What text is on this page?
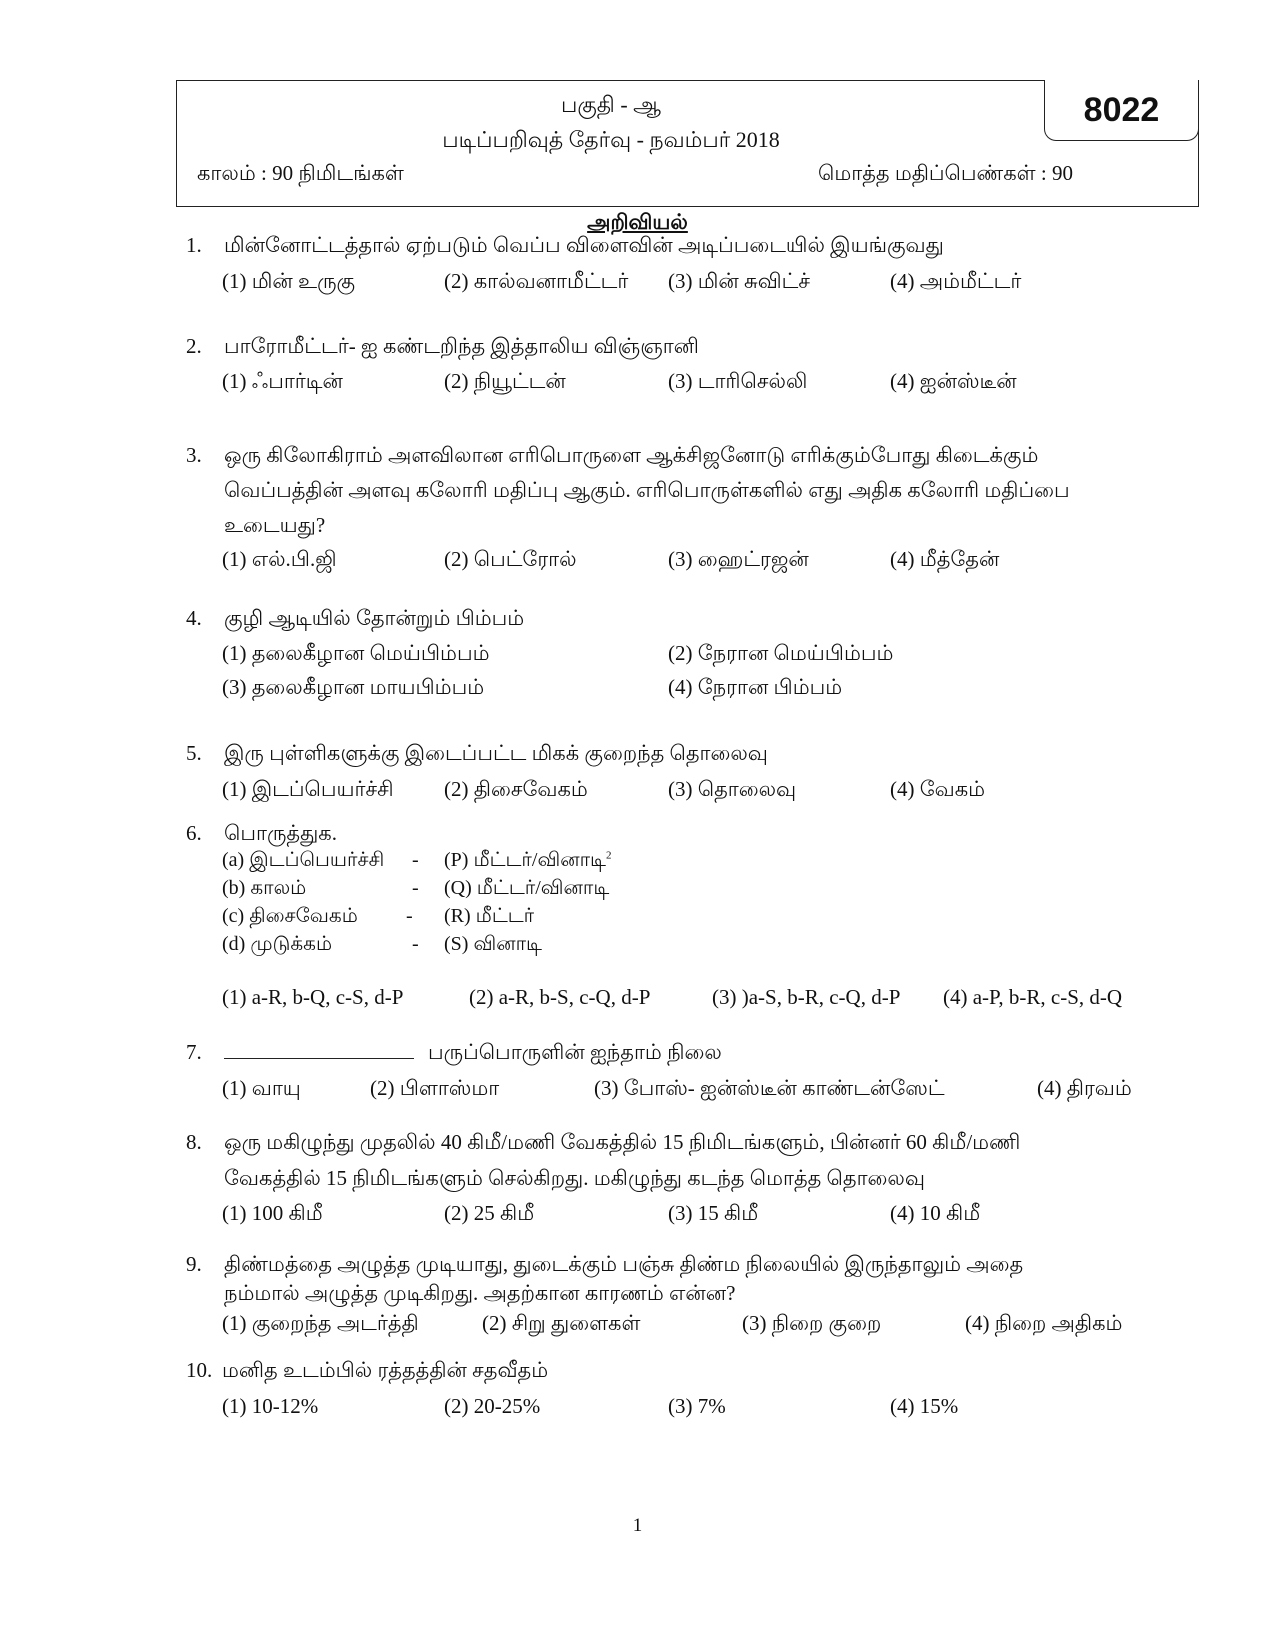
8022
பகுதி - ஆ
படிப்பறிவுத் தேர்வு - நவம்பர் 2018
காலம் : 90 நிமிடங்கள்	மொத்த மதிப்பெண்கள் : 90
அறிவியல்
1. மின்னோட்டத்தால் ஏற்படும் வெப்ப விளைவின் அடிப்படையில் இயங்குவது
(1) மின் உருகு	(2) கால்வனாமீட்டர் (3) மின் சுவிட்ச்	(4) அம்மீட்டர்
2. பாரோமீட்டர்- ஐ கண்டறிந்த இத்தாலிய விஞ்ஞானி
(1) ஃபார்டின்	(2) நியூட்டன்	(3) டாரிசெல்லி	(4) ஐன்ஸ்டீன்
3. ஒரு கிலோகிராம் அளவிலான எரிபொருளை ஆக்சிஜனோடு எரிக்கும்போது கிடைக்கும்
வெப்பத்தின் அளவு கலோரி மதிப்பு ஆகும். எரிபொருள்களில் எது அதிக கலோரி மதிப்பை
உடையது?
(1) எல்.பி.ஜி	(2) பெட்ரோல்	(3) ஹைட்ரஜன்	(4) மீத்தேன்
4. குழி ஆடியில் தோன்றும் பிம்பம்
(1) தலைகீழான மெய்பிம்பம்	(2) நேரான மெய்பிம்பம்
(3) தலைகீழான மாயபிம்பம்	(4) நேரான பிம்பம்
5. இரு புள்ளிகளுக்கு இடைப்பட்ட மிகக் குறைந்த தொலைவு
(1) இடப்பெயர்ச்சி (2) திசைவேகம்	(3) தொலைவு	(4) வேகம்
6. பொருத்துக.
(a) இடப்பெயர்ச்சி - (P) மீட்டர்/வினாடி$^2$
(b) காலம்	- (Q) மீட்டர்/வினாடி
(c) திசைவேகம் - (R) மீட்டர்
(d) முடுக்கம்	- (S) வினாடி
(1) a-R, b-Q, c-S, d-P	(2) a-R, b-S, c-Q, d-P	(3) )a-S, b-R, c-Q, d-P (4) a-P, b-R, c-S, d-Q
7.	பருப்பொருளின் ஐந்தாம் நிலை
(1) வாயு	(2) பிளாஸ்மா	(3) போஸ்- ஐன்ஸ்டீன் காண்டன்ஸேட்	(4) திரவம்
8. ஒரு மகிழுந்து முதலில் 40 கிமீ/மணி வேகத்தில் 15 நிமிடங்களும், பின்னர் 60 கிமீ/மணி
வேகத்தில் 15 நிமிடங்களும் செல்கிறது. மகிழுந்து கடந்த மொத்த தொலைவு
(1) 100 கிமீ	(2) 25 கிமீ	(3) 15 கிமீ	(4) 10 கிமீ
9. திண்மத்தை அழுத்த முடியாது, துடைக்கும் பஞ்சு திண்ம நிலையில் இருந்தாலும் அதை
நம்மால் அழுத்த முடிகிறது. அதற்கான காரணம் என்ன?
(1) குறைந்த அடர்த்தி	(2) சிறு துளைகள்	(3) நிறை குறை	(4) நிறை அதிகம்
10. மனித உடம்பில் ரத்தத்தின் சதவீதம்
(1) 10-12%	(2) 20-25%	(3) 7%	(4) 15%
1
